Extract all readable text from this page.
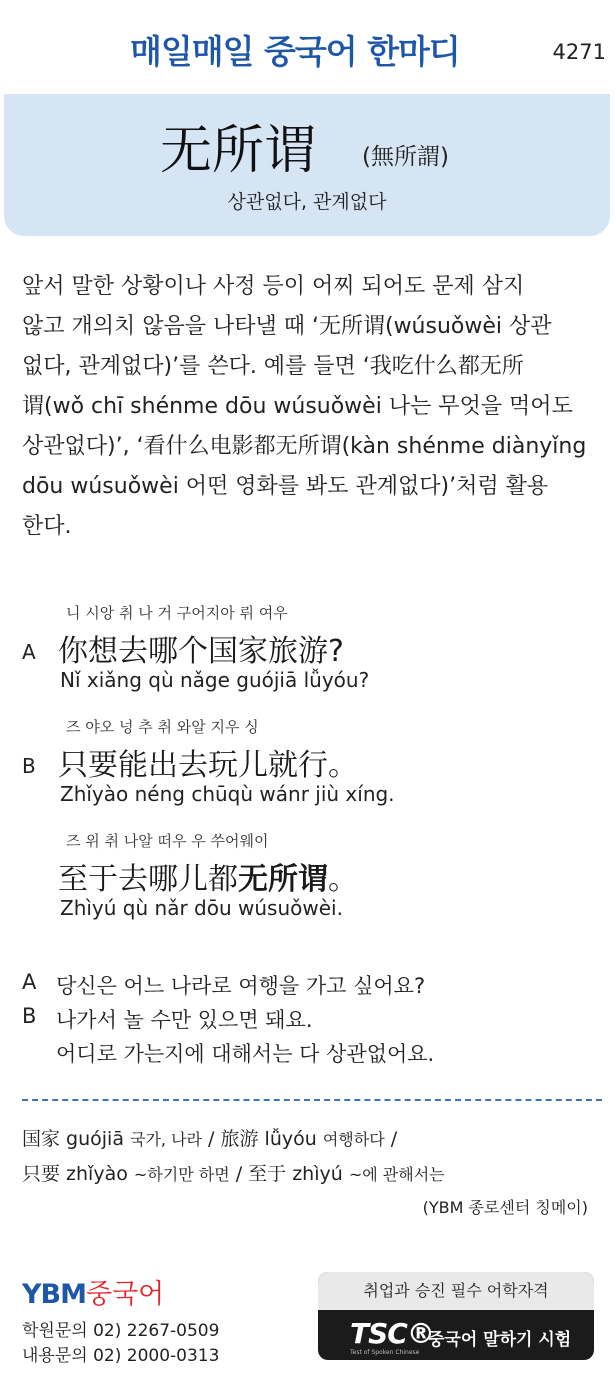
매일매일 중국어 한마디	4271
无所谓 (無所謂)
상관없다, 관계없다
앞서 말한 상황이나 사정 등이 어찌 되어도 문제 삼지
않고 개의치 않음을 나타낼 때 ‘无所谓(wúsuǒwèi 상관
없다, 관계없다)’를 쓴다. 예를 들면 ‘我吃什么都无所
谓(wǒ chī shénme dōu wúsuǒwèi 나는 무엇을 먹어도
상관없다)’, ‘看什么电影都无所谓(kàn shénme diànyǐng
dōu wúsuǒwèi 어떤 영화를 봐도 관계없다)’처럼 활용
한다.
니 시앙 취 나 거 구어지아 뤼 여우
A 你想去哪个国家旅游?
Nǐ xiǎng qù nǎge guójiā lǚyóu?
즈 야오 넝 추 취 와알 지우 싱
B 只要能出去玩儿就行。
Zhǐyào néng chūqù wánr jiù xíng.
즈 위 취 나알 떠우 우 쑤어웨이
至于去哪儿都无所谓。
Zhìyú qù nǎr dōu wúsuǒwèi.
A 당신은 어느 나라로 여행을 가고 싶어요?
B 나가서 놀 수만 있으면 돼요.
어디로 가는지에 대해서는 다 상관없어요.
国家 guójiā 국가, 나라 / 旅游 lǚyóu 여행하다 /
只要 zhǐyào ~하기만 하면 / 至于 zhìyú ~에 관해서는
(YBM 종로센터 칭메이)
YBM중국어
학원문의 02) 2267-0509
내용문의 02) 2000-0313
취업과 승진 필수 어학자격
TSC®
Test of Spoken Chinese
중국어 말하기 시험
